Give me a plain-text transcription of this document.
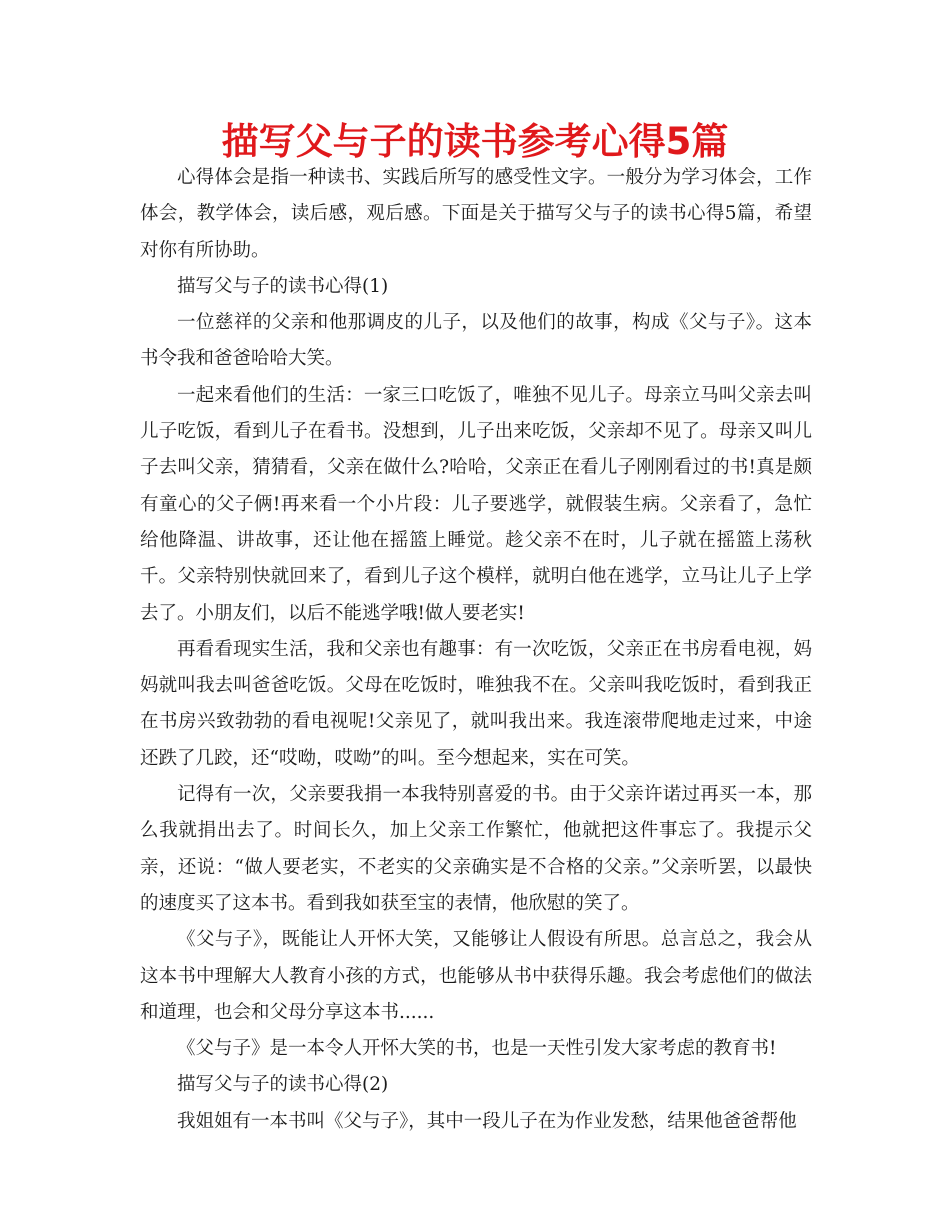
描写父与子的读书参考心得5篇

心得体会是指一种读书、实践后所写的感受性文字。一般分为学习体会，工作体会，教学体会，读后感，观后感。下面是关于描写父与子的读书心得5篇，希望对你有所协助。

描写父与子的读书心得(1)

一位慈祥的父亲和他那调皮的儿子，以及他们的故事，构成《父与子》。这本书令我和爸爸哈哈大笑。

一起来看他们的生活：一家三口吃饭了，唯独不见儿子。母亲立马叫父亲去叫儿子吃饭，看到儿子在看书。没想到，儿子出来吃饭，父亲却不见了。母亲又叫儿子去叫父亲，猜猜看，父亲在做什么?哈哈，父亲正在看儿子刚刚看过的书!真是颇有童心的父子俩!再来看一个小片段：儿子要逃学，就假装生病。父亲看了，急忙给他降温、讲故事，还让他在摇篮上睡觉。趁父亲不在时，儿子就在摇篮上荡秋千。父亲特别快就回来了，看到儿子这个模样，就明白他在逃学，立马让儿子上学去了。小朋友们，以后不能逃学哦!做人要老实!

再看看现实生活，我和父亲也有趣事：有一次吃饭，父亲正在书房看电视，妈妈就叫我去叫爸爸吃饭。父母在吃饭时，唯独我不在。父亲叫我吃饭时，看到我正在书房兴致勃勃的看电视呢!父亲见了，就叫我出来。我连滚带爬地走过来，中途还跌了几跤，还“哎呦，哎呦”的叫。至今想起来，实在可笑。

记得有一次，父亲要我捐一本我特别喜爱的书。由于父亲许诺过再买一本，那么我就捐出去了。时间长久，加上父亲工作繁忙，他就把这件事忘了。我提示父亲，还说：“做人要老实，不老实的父亲确实是不合格的父亲。”父亲听罢，以最快的速度买了这本书。看到我如获至宝的表情，他欣慰的笑了。

《父与子》，既能让人开怀大笑，又能够让人假设有所思。总言总之，我会从这本书中理解大人教育小孩的方式，也能够从书中获得乐趣。我会考虑他们的做法和道理，也会和父母分享这本书......

《父与子》是一本令人开怀大笑的书，也是一天性引发大家考虑的教育书!

描写父与子的读书心得(2)

我姐姐有一本书叫《父与子》，其中一段儿子在为作业发愁，结果他爸爸帮他
